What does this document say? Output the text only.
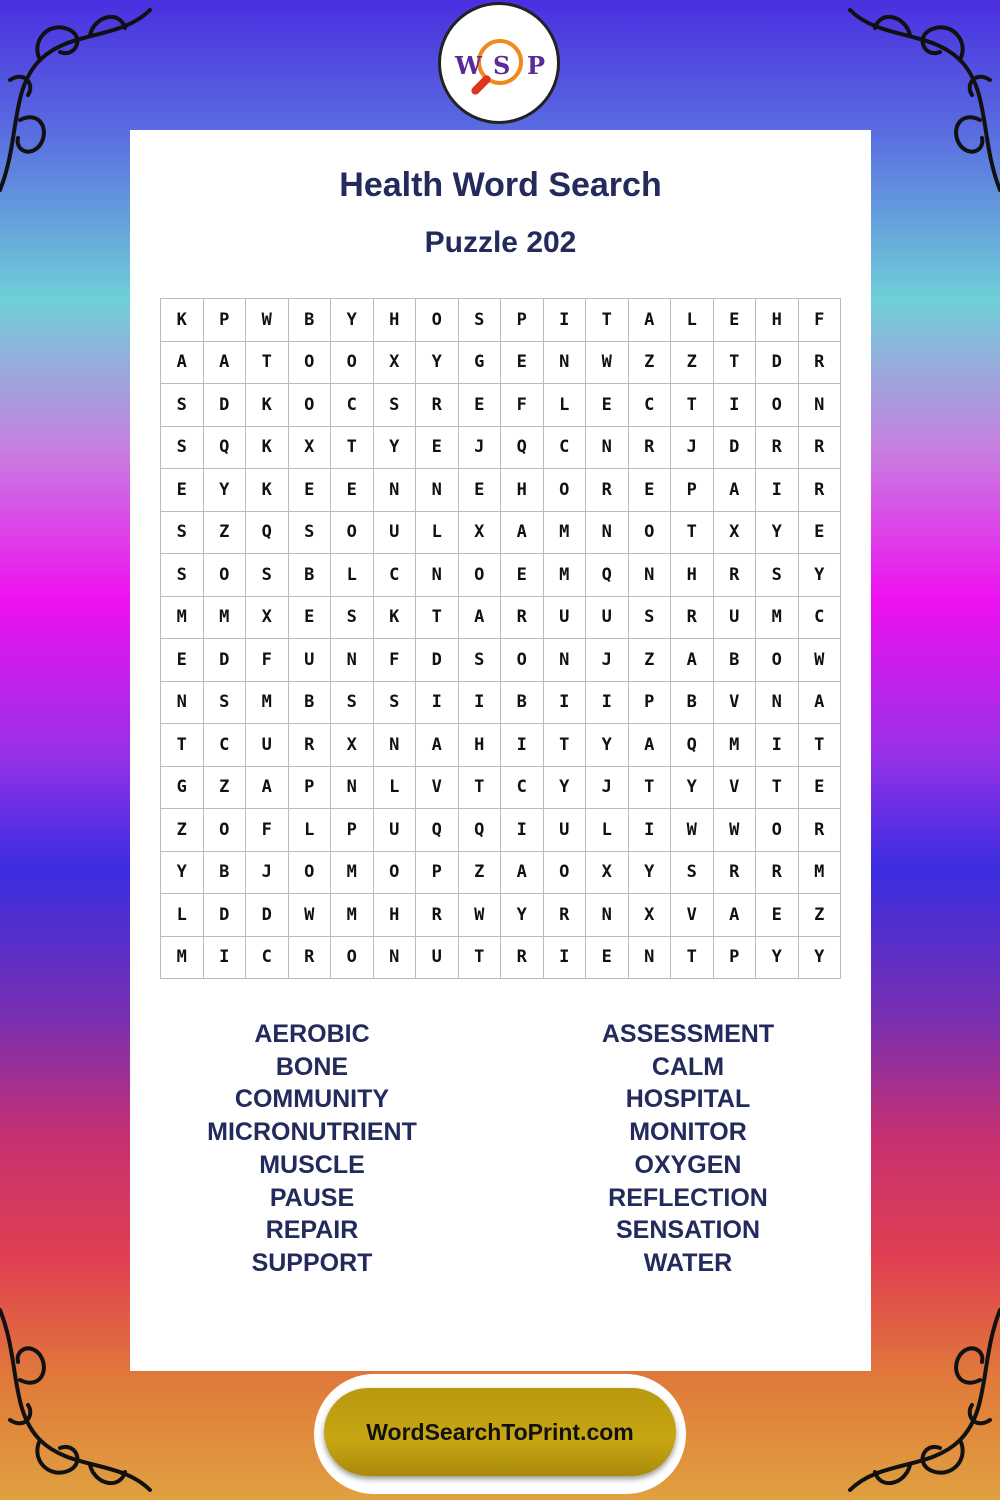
W S P
Health Word Search
Puzzle 202
K	P	W	B	Y	H	O	S	P	I	T	A	L	E	H	F
A	A	T	O	O	X	Y	G	E	N	W	Z	Z	T	D	R
S	D	K	O	C	S	R	E	F	L	E	C	T	I	O	N
S	Q	K	X	T	Y	E	J	Q	C	N	R	J	D	R	R
E	Y	K	E	E	N	N	E	H	O	R	E	P	A	I	R
S	Z	Q	S	O	U	L	X	A	M	N	O	T	X	Y	E
S	O	S	B	L	C	N	O	E	M	Q	N	H	R	S	Y
M	M	X	E	S	K	T	A	R	U	U	S	R	U	M	C
E	D	F	U	N	F	D	S	O	N	J	Z	A	B	O	W
N	S	M	B	S	S	I	I	B	I	I	P	B	V	N	A
T	C	U	R	X	N	A	H	I	T	Y	A	Q	M	I	T
G	Z	A	P	N	L	V	T	C	Y	J	T	Y	V	T	E
Z	O	F	L	P	U	Q	Q	I	U	L	I	W	W	O	R
Y	B	J	O	M	O	P	Z	A	O	X	Y	S	R	R	M
L	D	D	W	M	H	R	W	Y	R	N	X	V	A	E	Z
M	I	C	R	O	N	U	T	R	I	E	N	T	P	Y	Y
AEROBIC
BONE
COMMUNITY
MICRONUTRIENT
MUSCLE
PAUSE
REPAIR
SUPPORT
ASSESSMENT
CALM
HOSPITAL
MONITOR
OXYGEN
REFLECTION
SENSATION
WATER
WordSearchToPrint.com
